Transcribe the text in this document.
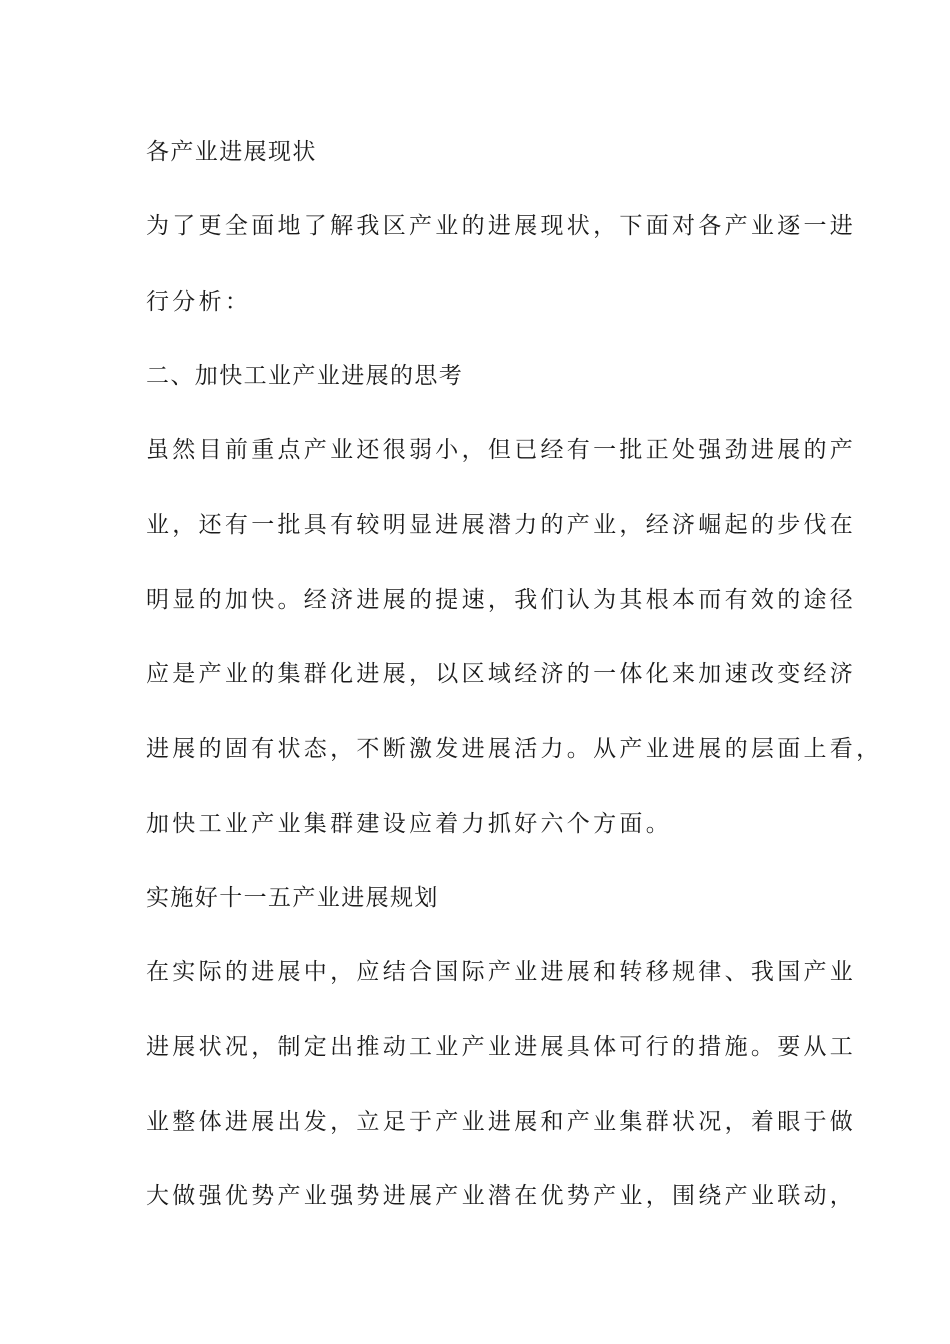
各产业进展现状
为了更全面地了解我区产业的进展现状，下面对各产业逐一进
行分析：
二、加快工业产业进展的思考
虽然目前重点产业还很弱小，但已经有一批正处强劲进展的产
业，还有一批具有较明显进展潜力的产业，经济崛起的步伐在
明显的加快。经济进展的提速，我们认为其根本而有效的途径
应是产业的集群化进展，以区域经济的一体化来加速改变经济
进展的固有状态，不断激发进展活力。从产业进展的层面上看，
加快工业产业集群建设应着力抓好六个方面。
实施好十一五产业进展规划
在实际的进展中，应结合国际产业进展和转移规律、我国产业
进展状况，制定出推动工业产业进展具体可行的措施。要从工
业整体进展出发，立足于产业进展和产业集群状况，着眼于做
大做强优势产业强势进展产业潜在优势产业，围绕产业联动，
